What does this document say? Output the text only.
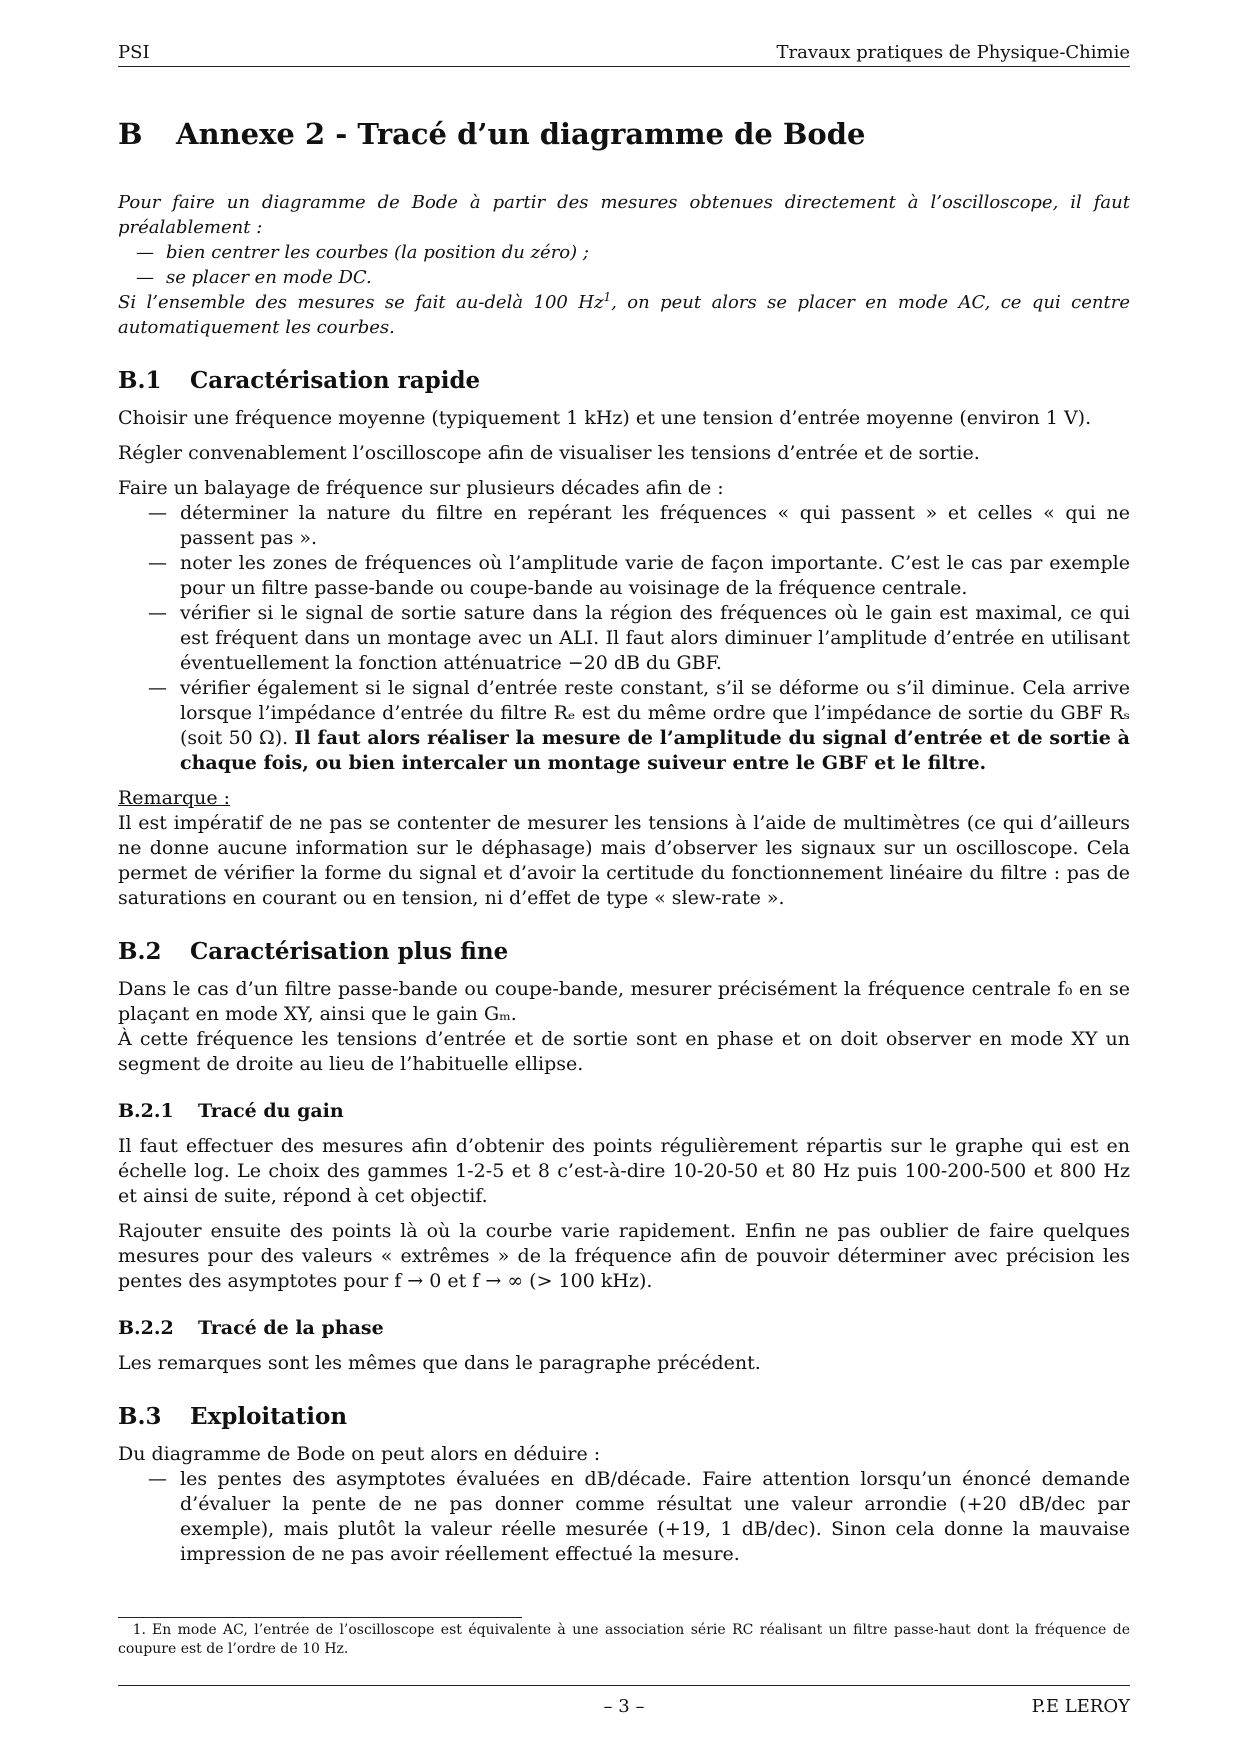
PSI	Travaux pratiques de Physique-Chimie
B Annexe 2 - Tracé d’un diagramme de Bode

Pour faire un diagramme de Bode à partir des mesures obtenues directement à l’oscilloscope, il faut préalablement :

— bien centrer les courbes (la position du zéro) ;
— se placer en mode DC.

Si l’ensemble des mesures se fait au-delà 100 Hz$^1$, on peut alors se placer en mode AC, ce qui centre automatiquement les courbes.

B.1 Caractérisation rapide

Choisir une fréquence moyenne (typiquement 1 kHz) et une tension d’entrée moyenne (environ 1 V).

Régler convenablement l’oscilloscope afin de visualiser les tensions d’entrée et de sortie.

Faire un balayage de fréquence sur plusieurs décades afin de :

— déterminer la nature du filtre en repérant les fréquences « qui passent » et celles « qui ne passent pas ».
— noter les zones de fréquences où l’amplitude varie de façon importante. C’est le cas par exemple pour un filtre passe-bande ou coupe-bande au voisinage de la fréquence centrale.
— vérifier si le signal de sortie sature dans la région des fréquences où le gain est maximal, ce qui est fréquent dans un montage avec un ALI. Il faut alors diminuer l’amplitude d’entrée en utilisant éventuellement la fonction atténuatrice −20 dB du GBF.
— vérifier également si le signal d’entrée reste constant, s’il se déforme ou s’il diminue. Cela arrive lorsque l’impédance d’entrée du filtre Rₑ est du même ordre que l’impédance de sortie du GBF Rₛ (soit 50 Ω). Il faut alors réaliser la mesure de l’amplitude du signal d’entrée et de sortie à chaque fois, ou bien intercaler un montage suiveur entre le GBF et le filtre.

Remarque :

Il est impératif de ne pas se contenter de mesurer les tensions à l’aide de multimètres (ce qui d’ailleurs ne donne aucune information sur le déphasage) mais d’observer les signaux sur un oscilloscope. Cela permet de vérifier la forme du signal et d’avoir la certitude du fonctionnement linéaire du filtre : pas de saturations en courant ou en tension, ni d’effet de type « slew-rate ».

B.2 Caractérisation plus fine

Dans le cas d’un filtre passe-bande ou coupe-bande, mesurer précisément la fréquence centrale f₀ en se plaçant en mode XY, ainsi que le gain Gₘ.

À cette fréquence les tensions d’entrée et de sortie sont en phase et on doit observer en mode XY un segment de droite au lieu de l’habituelle ellipse.

B.2.1 Tracé du gain

Il faut effectuer des mesures afin d’obtenir des points régulièrement répartis sur le graphe qui est en échelle log. Le choix des gammes 1-2-5 et 8 c’est-à-dire 10-20-50 et 80 Hz puis 100-200-500 et 800 Hz et ainsi de suite, répond à cet objectif.

Rajouter ensuite des points là où la courbe varie rapidement. Enfin ne pas oublier de faire quelques mesures pour des valeurs « extrêmes » de la fréquence afin de pouvoir déterminer avec précision les pentes des asymptotes pour f → 0 et f → ∞ (> 100 kHz).

B.2.2 Tracé de la phase

Les remarques sont les mêmes que dans le paragraphe précédent.

B.3 Exploitation

Du diagramme de Bode on peut alors en déduire :

— les pentes des asymptotes évaluées en dB/décade. Faire attention lorsqu’un énoncé demande d’évaluer la pente de ne pas donner comme résultat une valeur arrondie (+20 dB/dec par exemple), mais plutôt la valeur réelle mesurée (+19, 1 dB/dec). Sinon cela donne la mauvaise impression de ne pas avoir réellement effectué la mesure.
1. En mode AC, l’entrée de l’oscilloscope est équivalente à une association série RC réalisant un filtre passe-haut dont la fréquence de coupure est de l’ordre de 10 Hz.
– 3 –	P.E LEROY
